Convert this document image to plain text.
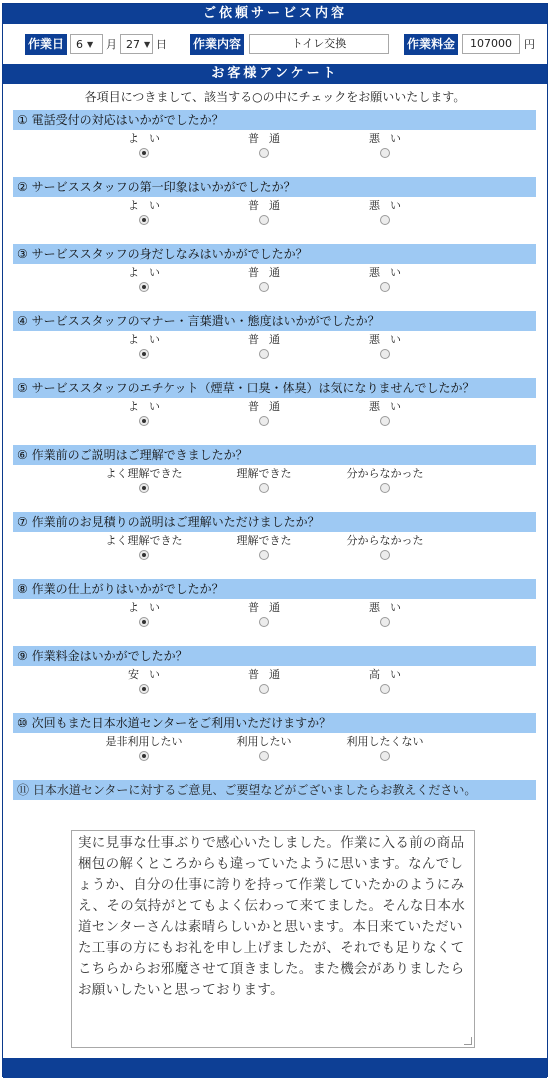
ご依頼サービス内容
作業日 6 ▼ 月 27 ▼ 日 作業内容	トイレ交換	作業料金	107000	円
お客様アンケート
各項目につきまして、該当する○の中にチェックをお願いいたします。
① 電話受付の対応はいかがでしたか？
よい	普通	悪い
② サービススタッフの第一印象はいかがでしたか？
よい	普通	悪い
③ サービススタッフの身だしなみはいかがでしたか？
よい	普通	悪い
④ サービススタッフのマナー・言葉遣い・態度はいかがでしたか？
よい	普通	悪い
⑤ サービススタッフのエチケット（煙草・口臭・体臭）は気になりませんでしたか？
よい	普通	悪い
⑥ 作業前のご説明はご理解できましたか？
よく理解できた	理解できた	分からなかった
⑦ 作業前のお見積りの説明はご理解いただけましたか？
よく理解できた	理解できた	分からなかった
⑧ 作業の仕上がりはいかがでしたか？
よい	普通	悪い
⑨ 作業料金はいかがでしたか？
安い	普通	高い
⑩ 次回もまた日本水道センターをご利用いただけますか？
是非利用したい	利用したい	利用したくない
⑪ 日本水道センターに対するご意見、ご要望などがございましたらお教えください。
実に見事な仕事ぶりで感心いたしました。作業に入る前の商品梱包の解くところからも違っていたように思います。なんでしょうか、自分の仕事に誇りを持って作業していたかのようにみえ、その気持がとてもよく伝わって来てました。そんな日本水道センターさんは素晴らしいかと思います。本日来ていただいた工事の方にもお礼を申し上げましたが、それでも足りなくてこちらからお邪魔させて頂きました。また機会がありましたらお願いしたいと思っております。
